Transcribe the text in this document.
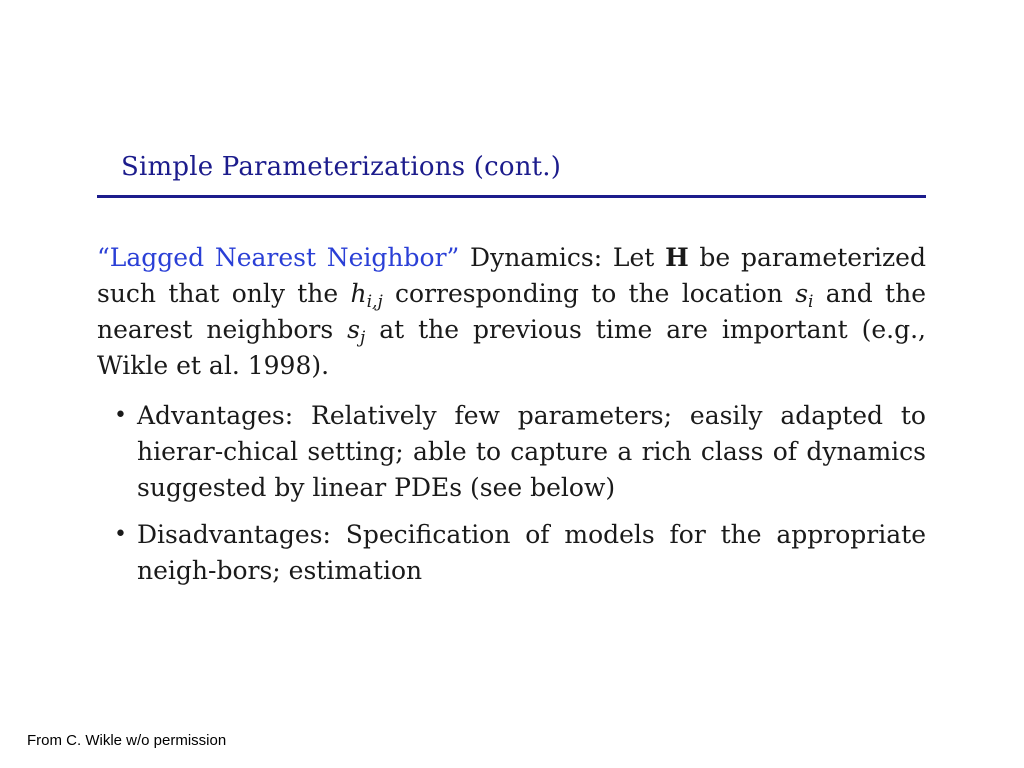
Simple Parameterizations (cont.)

“Lagged Nearest Neighbor” Dynamics: Let H be parameterized such that only the $h_{i,j}$ corresponding to the location $s_i$ and the nearest neighbors $s_j$ at the previous time are important (e.g., Wikle et al. 1998).

• Advantages: Relatively few parameters; easily adapted to hierar-chical setting; able to capture a rich class of dynamics suggested by linear PDEs (see below)
• Disadvantages: Specification of models for the appropriate neigh-bors; estimation
From C. Wikle w/o permission
